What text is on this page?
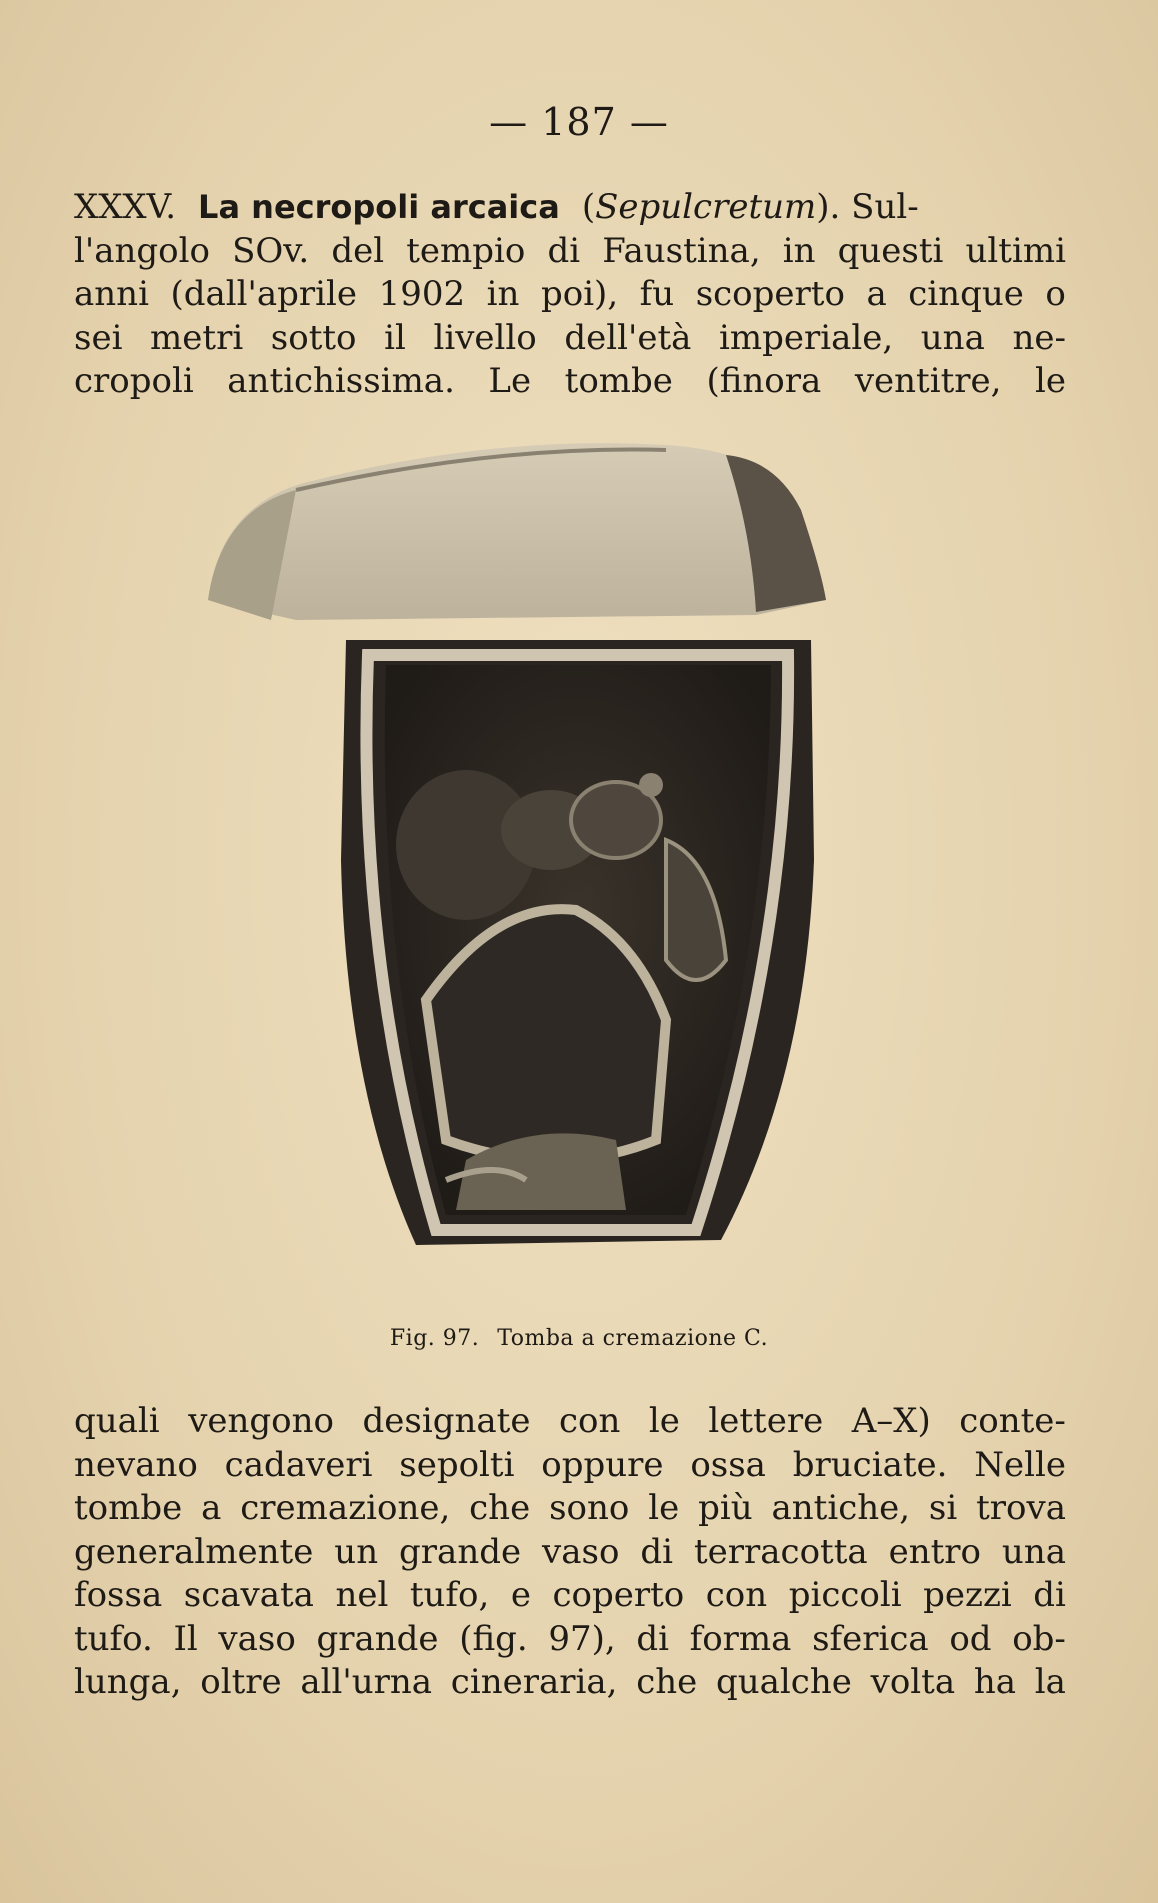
— 187 —
XXXV. La necropoli arcaica ( Sepulcretum ). Sul-
l'angolo SOv. del tempio di Faustina, in questi ultimi
anni (dall'aprile 1902 in poi), fu scoperto a cinque o
sei metri sotto il livello dell'età imperiale, una ne-
cropoli antichissima. Le tombe (finora ventitre, le
Fig. 97. Tomba a cremazione C.
quali vengono designate con le lettere A–X) conte-
nevano cadaveri sepolti oppure ossa bruciate. Nelle
tombe a cremazione, che sono le più antiche, si trova
generalmente un grande vaso di terracotta entro una
fossa scavata nel tufo, e coperto con piccoli pezzi di
tufo. Il vaso grande (fig. 97), di forma sferica od ob-
lunga, oltre all'urna cineraria, che qualche volta ha la
